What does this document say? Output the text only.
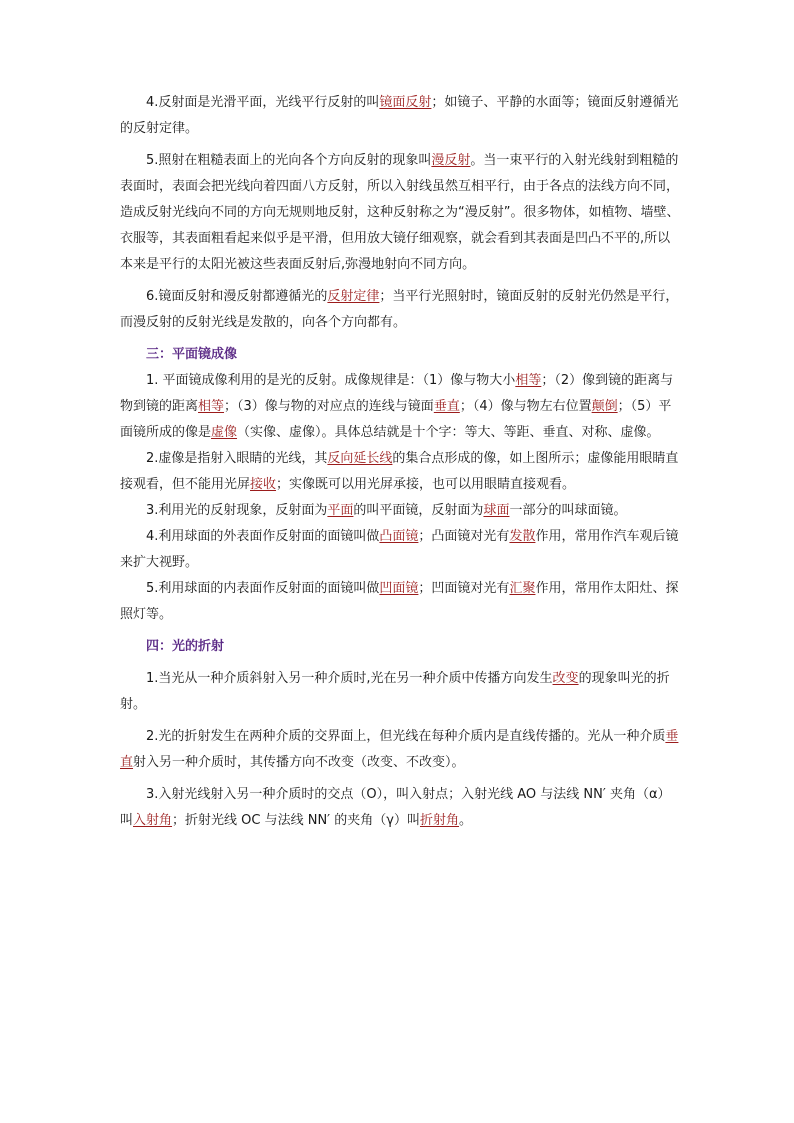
4.反射面是光滑平面，光线平行反射的叫镜面反射；如镜子、平静的水面等；镜面反射遵循光的反射定律。

5.照射在粗糙表面上的光向各个方向反射的现象叫漫反射。当一束平行的入射光线射到粗糙的表面时，表面会把光线向着四面八方反射，所以入射线虽然互相平行，由于各点的法线方向不同，造成反射光线向不同的方向无规则地反射，这种反射称之为“漫反射”。很多物体，如植物、墙壁、衣服等，其表面粗看起来似乎是平滑，但用放大镜仔细观察，就会看到其表面是凹凸不平的,所以本来是平行的太阳光被这些表面反射后,弥漫地射向不同方向。

6.镜面反射和漫反射都遵循光的反射定律；当平行光照射时，镜面反射的反射光仍然是平行，而漫反射的反射光线是发散的，向各个方向都有。

三：平面镜成像

1. 平面镜成像利用的是光的反射。成像规律是：（1）像与物大小相等；（2）像到镜的距离与物到镜的距离相等；（3）像与物的对应点的连线与镜面垂直；（4）像与物左右位置颠倒；（5）平面镜所成的像是虚像（实像、虚像）。具体总结就是十个字：等大、等距、垂直、对称、虚像。

2.虚像是指射入眼睛的光线，其反向延长线的集合点形成的像，如上图所示；虚像能用眼睛直接观看，但不能用光屏接收；实像既可以用光屏承接，也可以用眼睛直接观看。

3.利用光的反射现象，反射面为平面的叫平面镜，反射面为球面一部分的叫球面镜。

4.利用球面的外表面作反射面的面镜叫做凸面镜；凸面镜对光有发散作用，常用作汽车观后镜来扩大视野。

5.利用球面的内表面作反射面的面镜叫做凹面镜；凹面镜对光有汇聚作用，常用作太阳灶、探照灯等。

四：光的折射

1.当光从一种介质斜射入另一种介质时,光在另一种介质中传播方向发生改变的现象叫光的折射。

2.光的折射发生在两种介质的交界面上，但光线在每种介质内是直线传播的。光从一种介质垂直射入另一种介质时，其传播方向不改变（改变、不改变）。

3.入射光线射入另一种介质时的交点（O），叫入射点；入射光线 AO 与法线 NN′ 夹角（α）叫入射角；折射光线 OC 与法线 NN′ 的夹角（γ）叫折射角。
